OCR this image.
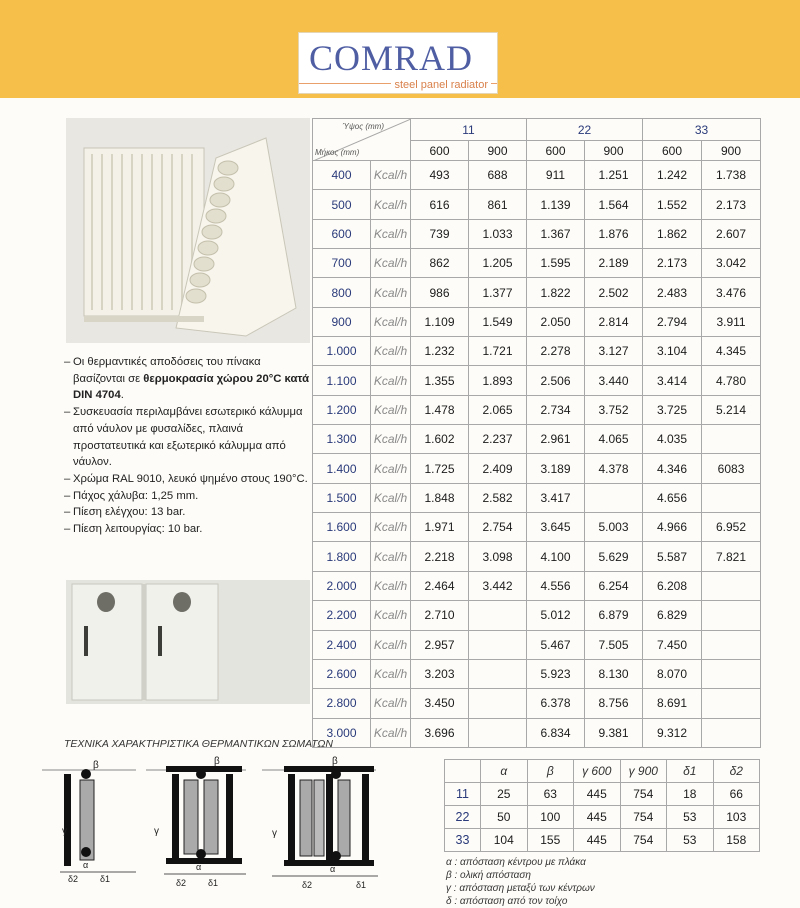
COMRAD
steel panel radiator
– Οι θερμαντικές αποδόσεις του πίνακα βασίζονται σε θερμοκρασία χώρου 20°C κατά DIN 4704.
– Συσκευασία περιλαμβάνει εσωτερικό κάλυμμα από νάυλον με φυσαλίδες, πλαινά προστατευτικά και εξωτερικό κάλυμμα από νάυλον.
– Χρώμα RAL 9010, λευκό ψημένο στους 190°C.
– Πάχος χάλυβα: 1,25 mm.
– Πίεση ελέγχου: 13 bar.
– Πίεση λειτουργίας: 10 bar.
ΤΕΧΝΙΚΑ ΧΑΡΑΚΤΗΡΙΣΤΙΚΑ ΘΕΡΜΑΝΤΙΚΩΝ ΣΩΜΑΤΩΝ
β
γ
α
δ2 δ1
β
γ
α
δ2 δ1
β
γ
α
δ2	δ1
Ύψος (mm)
Μήκος (mm)		11		22		33	
		600	900	600	900	600	900
400	Kcal/h	493	688	911	1.251	1.242	1.738
500	Kcal/h	616	861	1.139	1.564	1.552	2.173
600	Kcal/h	739	1.033	1.367	1.876	1.862	2.607
700	Kcal/h	862	1.205	1.595	2.189	2.173	3.042
800	Kcal/h	986	1.377	1.822	2.502	2.483	3.476
900	Kcal/h	1.109	1.549	2.050	2.814	2.794	3.911
1.000	Kcal/h	1.232	1.721	2.278	3.127	3.104	4.345
1.100	Kcal/h	1.355	1.893	2.506	3.440	3.414	4.780
1.200	Kcal/h	1.478	2.065	2.734	3.752	3.725	5.214
1.300	Kcal/h	1.602	2.237	2.961	4.065	4.035	
1.400	Kcal/h	1.725	2.409	3.189	4.378	4.346	6083
1.500	Kcal/h	1.848	2.582	3.417		4.656	
1.600	Kcal/h	1.971	2.754	3.645	5.003	4.966	6.952
1.800	Kcal/h	2.218	3.098	4.100	5.629	5.587	7.821
2.000	Kcal/h	2.464	3.442	4.556	6.254	6.208	
2.200	Kcal/h	2.710		5.012	6.879	6.829	
2.400	Kcal/h	2.957		5.467	7.505	7.450	
2.600	Kcal/h	3.203		5.923	8.130	8.070	
2.800	Kcal/h	3.450		6.378	8.756	8.691	
3.000	Kcal/h	3.696		6.834	9.381	9.312	
	α	β	γ 600	γ 900	δ1	δ2
11	25	63	445	754	18	66
22	50	100	445	754	53	103
33	104	155	445	754	53	158
α : απόσταση κέντρου με πλάκα
β : ολική απόσταση
γ : απόσταση μεταξύ των κέντρων
δ : απόσταση από τον τοίχο
